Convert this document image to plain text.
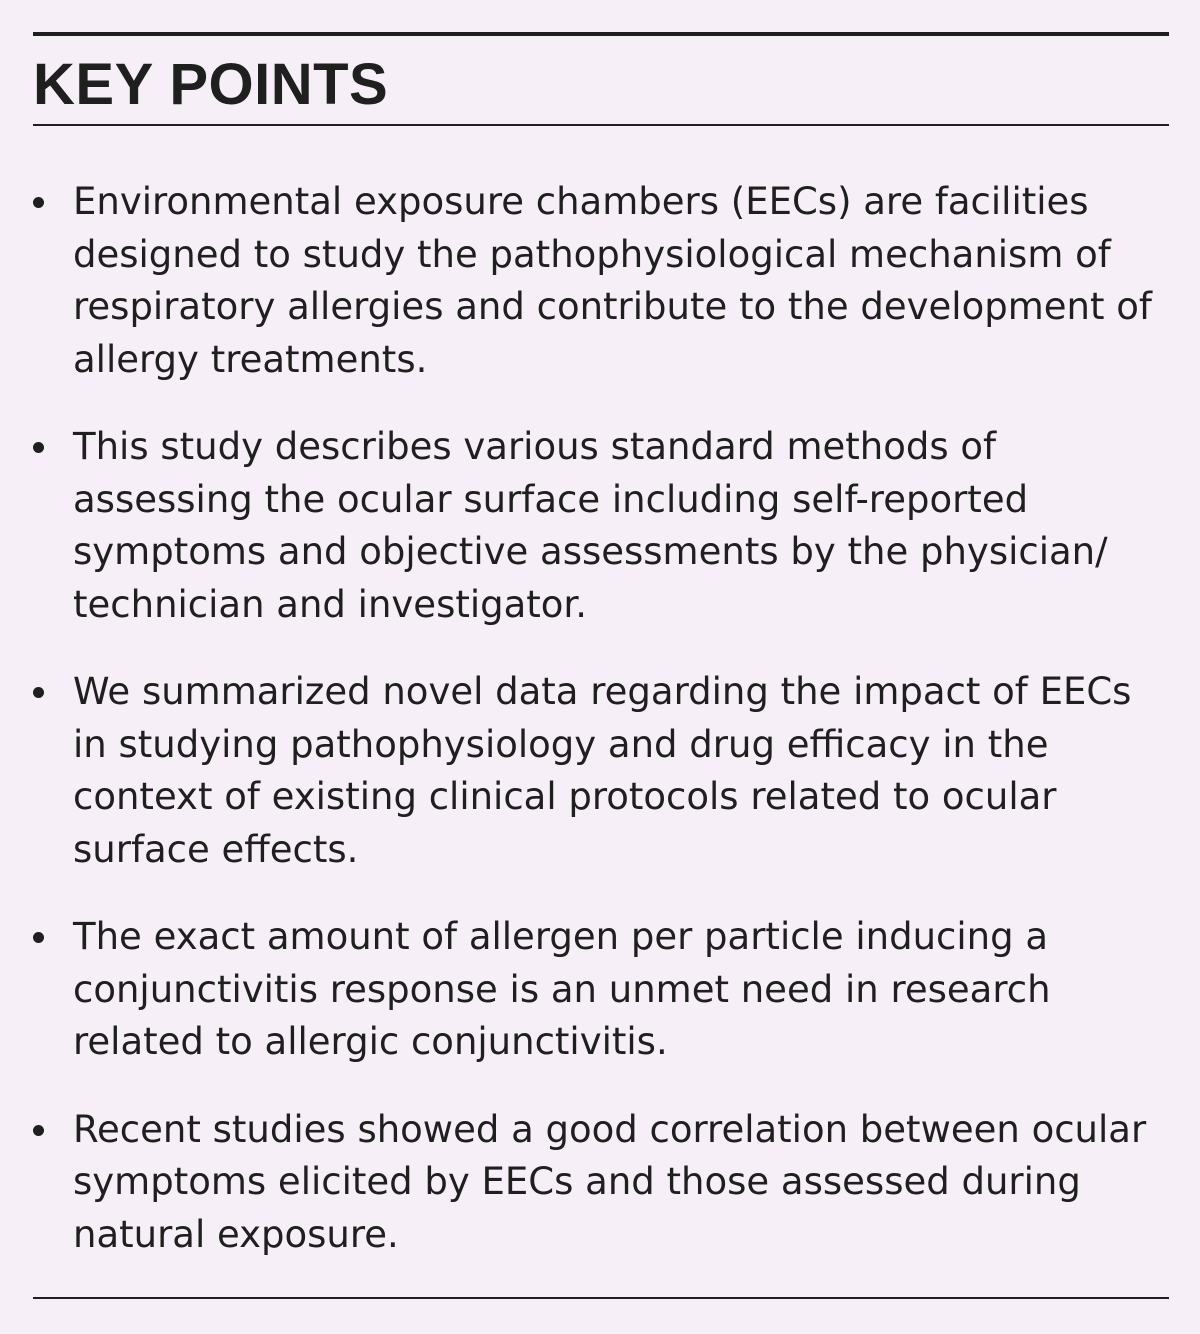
KEY POINTS
Environmental exposure chambers (EECs) are facilities designed to study the pathophysiological mechanism of respiratory allergies and contribute to the development of allergy treatments.
This study describes various standard methods of assessing the ocular surface including self-reported symptoms and objective assessments by the physician/ technician and investigator.
We summarized novel data regarding the impact of EECs in studying pathophysiology and drug efficacy in the context of existing clinical protocols related to ocular surface effects.
The exact amount of allergen per particle inducing a conjunctivitis response is an unmet need in research related to allergic conjunctivitis.
Recent studies showed a good correlation between ocular symptoms elicited by EECs and those assessed during natural exposure.
